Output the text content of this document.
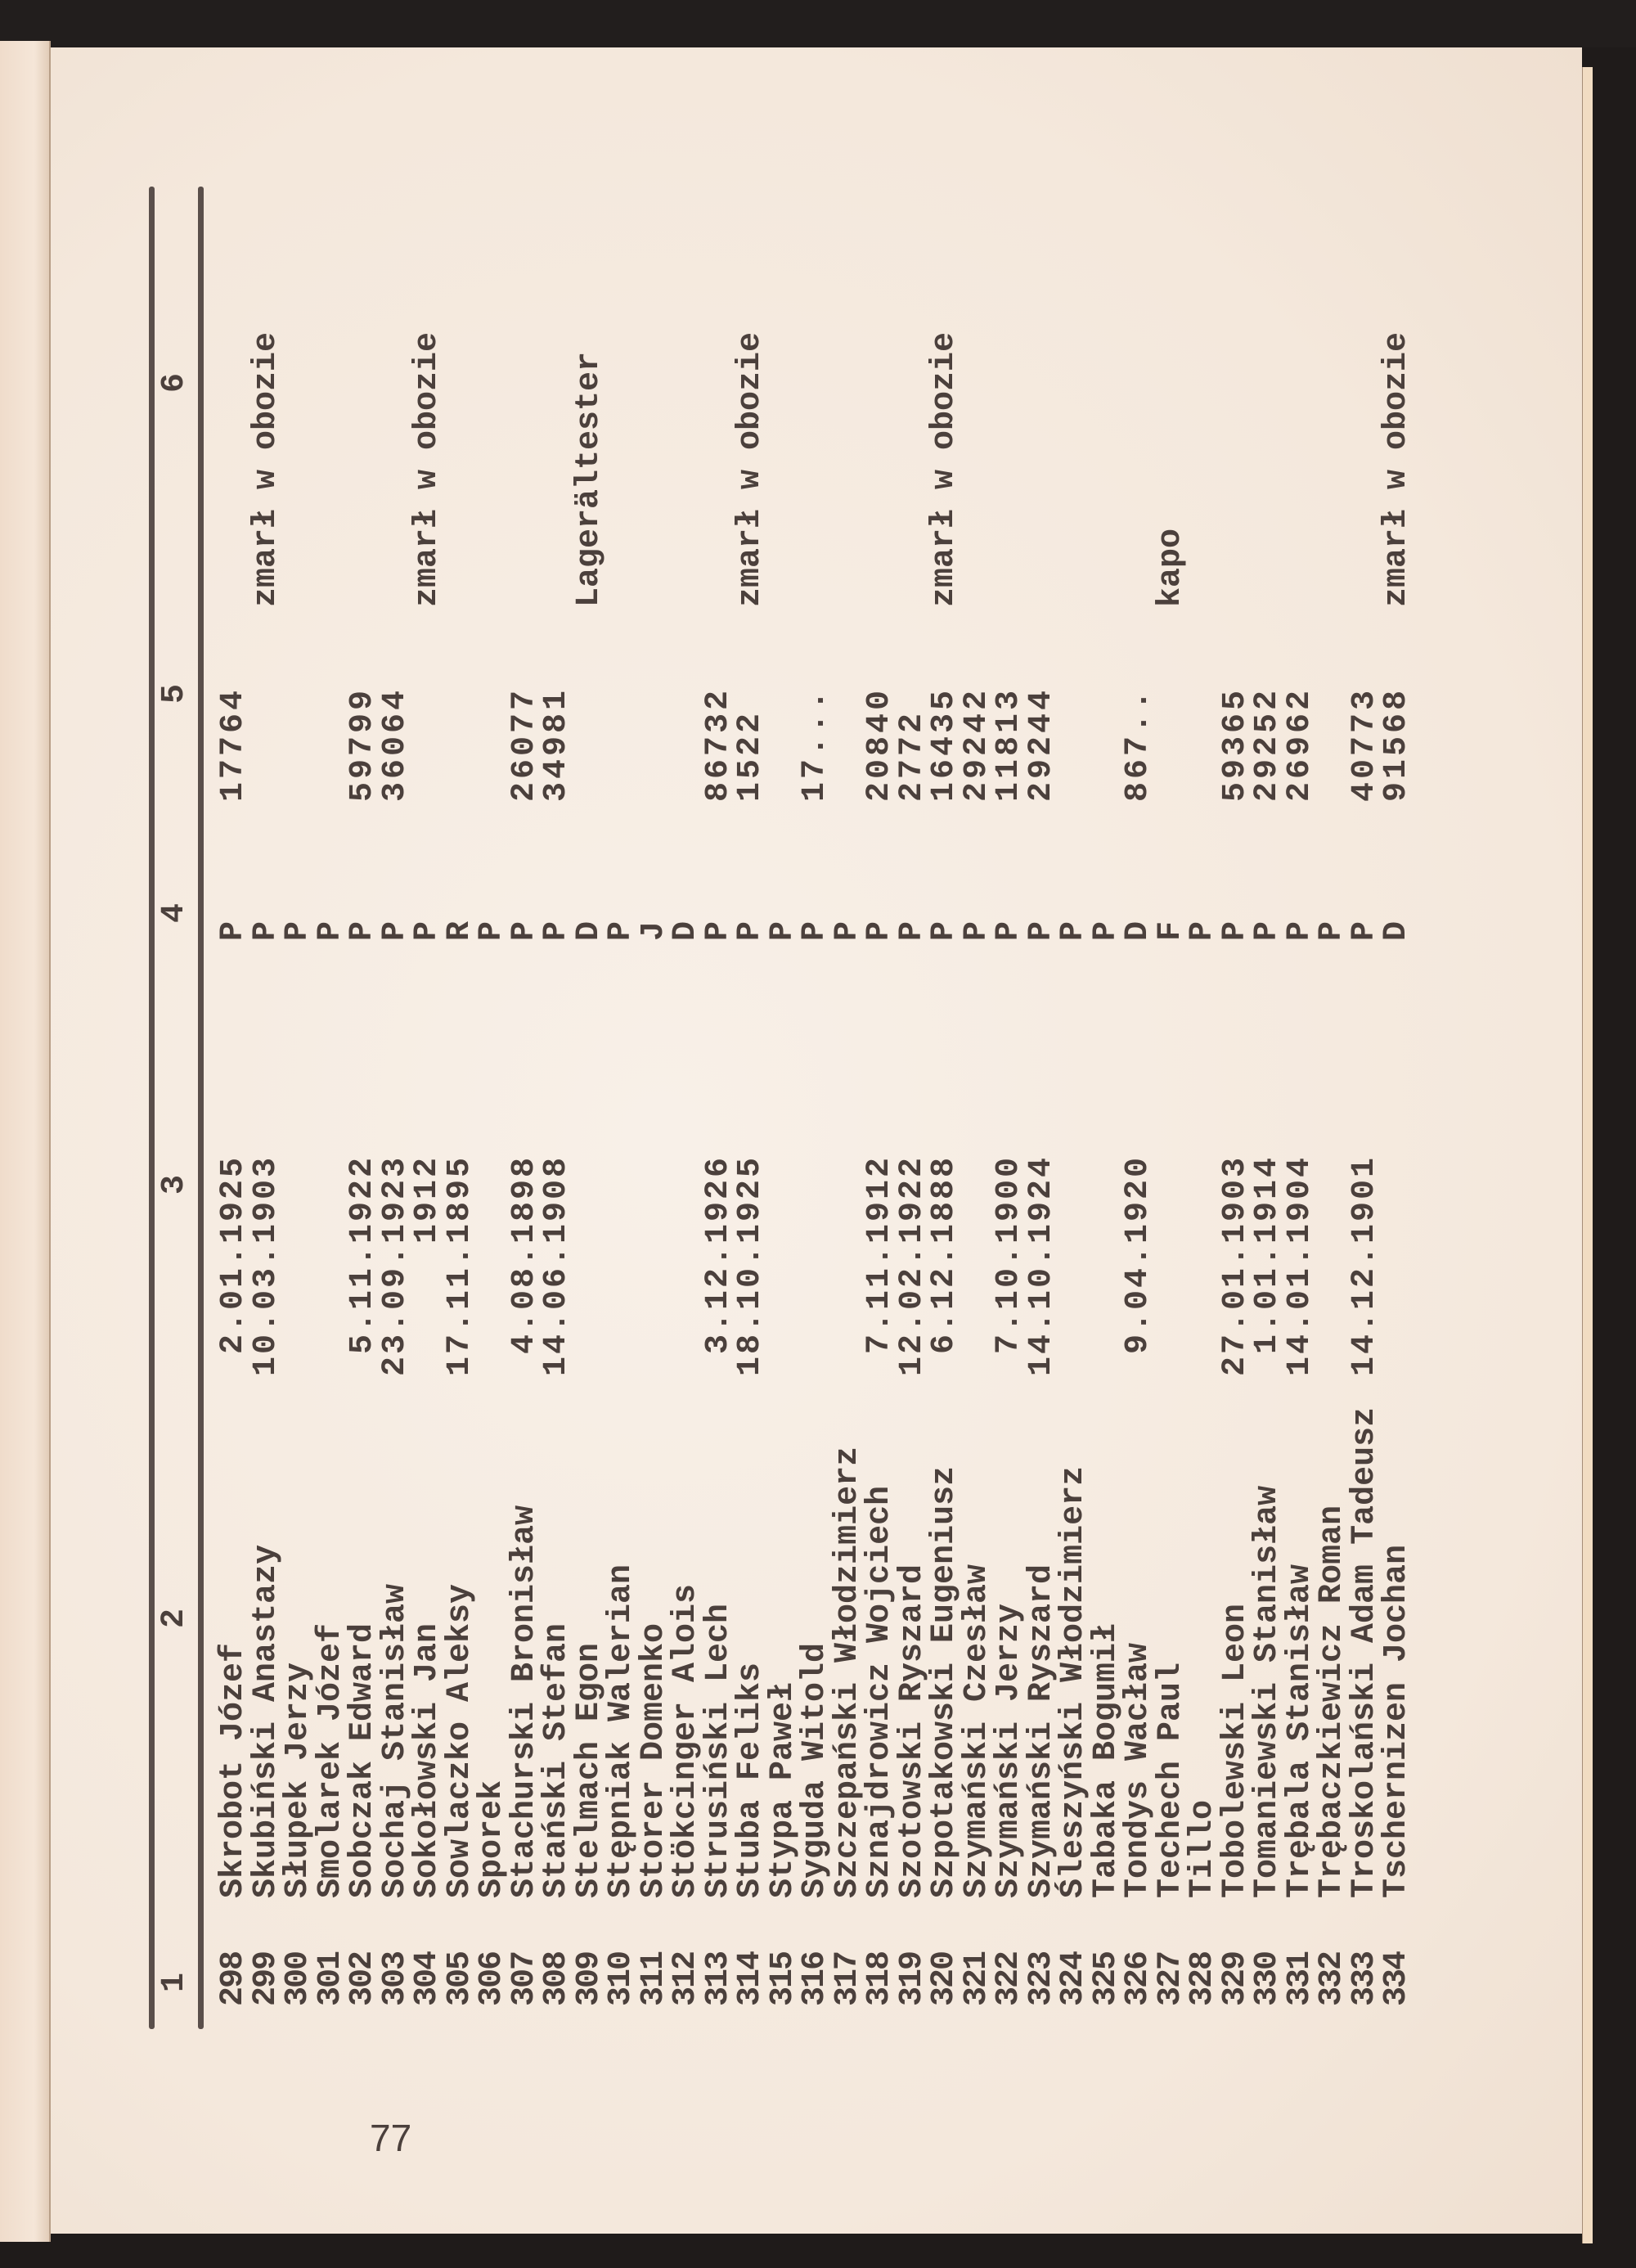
1
2
3
4
5
6
298
Skrobot Józef
2.01.1925
P
17764
299
Skubiński Anastazy
10.03.1903
P
zmarł w obozie
300
Słupek Jerzy
P
301
Smolarek Józef
P
302
Sobczak Edward
5.11.1922
P
59799
303
Sochaj Stanisław
23.09.1923
P
36064
304
Sokołowski Jan
1912
P
zmarł w obozie
305
Sowlaczko Aleksy
17.11.1895
R
306
Sporek
P
307
Stachurski Bronisław
4.08.1898
P
26077
308
Stański Stefan
14.06.1908
P
34981
309
Stelmach Egon
D
Lagerältester
310
Stępniak Walerian
P
311
Storer Domenko
J
312
Stökcinger Alois
D
313
Strusiński Lech
3.12.1926
P
86732
314
Stuba Feliks
18.10.1925
P
1522
zmarł w obozie
315
Stypa Paweł
P
316
Syguda Witold
P
17...
317
Szczepański Włodzimierz
P
318
Sznajdrowicz Wojciech
7.11.1912
P
20840
319
Szotowski Ryszard
12.02.1922
P
2772
320
Szpotakowski Eugeniusz
6.12.1888
P
16435
zmarł w obozie
321
Szymański Czesław
P
29242
322
Szymański Jerzy
7.10.1900
P
11813
323
Szymański Ryszard
14.10.1924
P
29244
324
Śleszyński Włodzimierz
P
325
Tabaka Bogumił
P
326
Tondys Wacław
9.04.1920
D
867..
327
Techech Paul
F
kapo
328
Tillo
P
329
Tobolewski Leon
27.01.1903
P
59365
330
Tomaniewski Stanisław
1.01.1914
P
29252
331
Trębala Stanisław
14.01.1904
P
26962
332
Trębaczkiewicz Roman
P
333
Troskolański Adam Tadeusz
14.12.1901
P
40773
334
Tschernizen Jochan
D
91568
zmarł w obozie
77
